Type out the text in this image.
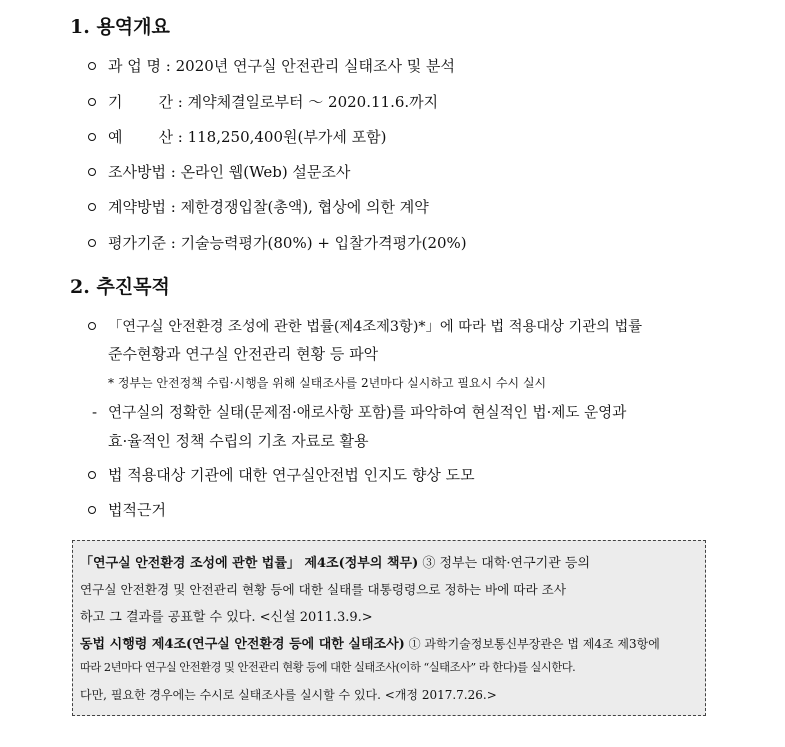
1. 용역개요
과 업 명 : 2020년 연구실 안전관리 실태조사 및 분석
기 간 : 계약체결일로부터 ～ 2020.11.6.까지
예 산 : 118,250,400원(부가세 포함)
조사방법 : 온라인 웹(Web) 설문조사
계약방법 : 제한경쟁입찰(총액), 협상에 의한 계약
평가기준 : 기술능력평가(80%) + 입찰가격평가(20%)
2. 추진목적
「연구실 안전환경 조성에 관한 법률(제4조제3항)*」에 따라 법 적용대상 기관의 법률
준수현황과 연구실 안전관리 현황 등 파악
* 정부는 안전정책 수립·시행을 위해 실태조사를 2년마다 실시하고 필요시 수시 실시
- 연구실의 정확한 실태(문제점·애로사항 포함)를 파악하여 현실적인 법·제도 운영과
효·율적인 정책 수립의 기초 자료로 활용
법 적용대상 기관에 대한 연구실안전법 인지도 향상 도모
법적근거
「연구실 안전환경 조성에 관한 법률」 제4조(정부의 책무) ③ 정부는 대학·연구기관 등의
연구실 안전환경 및 안전관리 현황 등에 대한 실태를 대통령령으로 정하는 바에 따라 조사
하고 그 결과를 공표할 수 있다. <신설 2011.3.9.>
동법 시행령 제4조(연구실 안전환경 등에 대한 실태조사) ① 과학기술정보통신부장관은 법 제4조 제3항에
따라 2년마다 연구실 안전환경 및 안전관리 현황 등에 대한 실태조사(이하 “실태조사” 라 한다)를 실시한다.
다만, 필요한 경우에는 수시로 실태조사를 실시할 수 있다. <개정 2017.7.26.>
